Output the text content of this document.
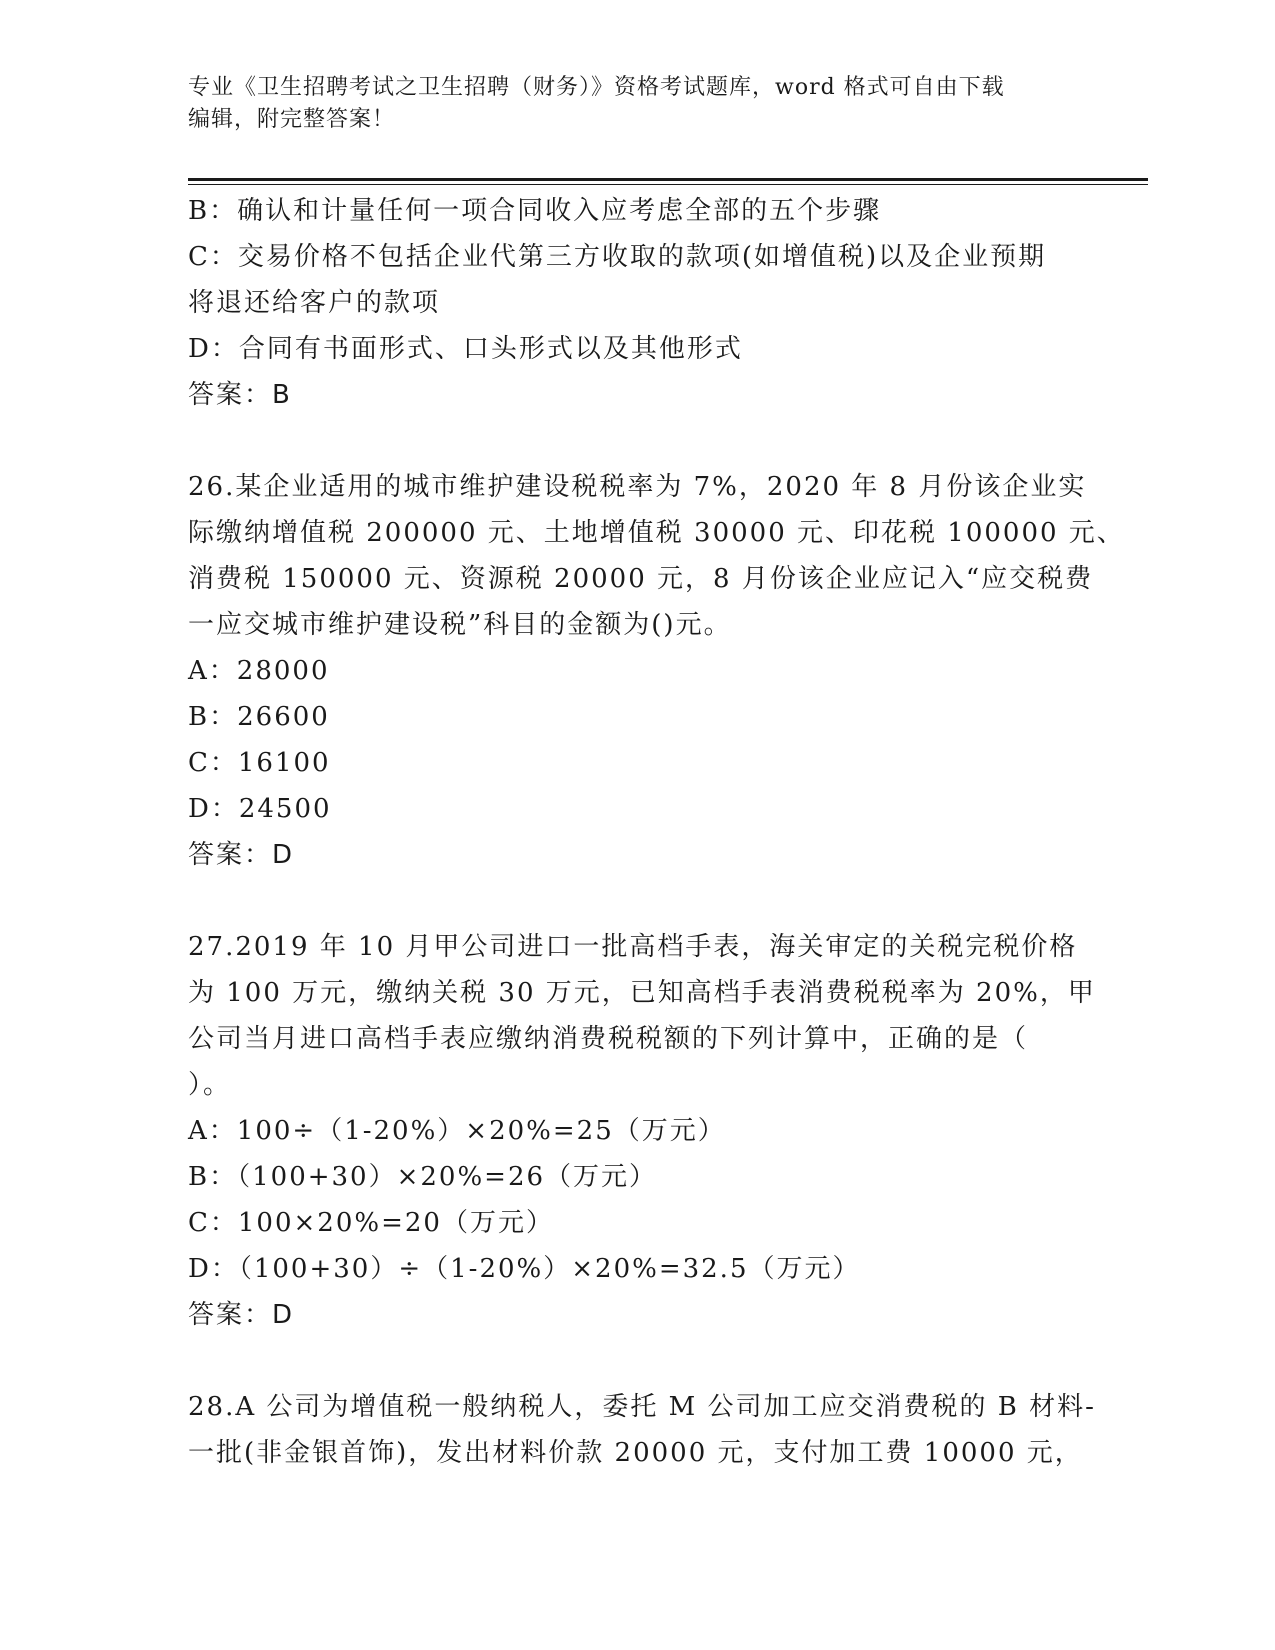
专业《卫生招聘考试之卫生招聘（财务）》资格考试题库，word 格式可自由下载
编辑，附完整答案！
B：确认和计量任何一项合同收入应考虑全部的五个步骤
C：交易价格不包括企业代第三方收取的款项(如增值税)以及企业预期
将退还给客户的款项
D：合同有书面形式、口头形式以及其他形式
答案：B
26.某企业适用的城市维护建设税税率为 7%，2020 年 8 月份该企业实
际缴纳增值税 200000 元、土地增值税 30000 元、印花税 100000 元、
消费税 150000 元、资源税 20000 元，8 月份该企业应记入“应交税费
一应交城市维护建设税”科目的金额为()元。
A：28000
B：26600
C：16100
D：24500
答案：D
27.2019 年 10 月甲公司进口一批高档手表，海关审定的关税完税价格
为 100 万元，缴纳关税 30 万元，已知高档手表消费税税率为 20%，甲
公司当月进口高档手表应缴纳消费税税额的下列计算中，正确的是（
）。
A：100÷（1-20%）×20%=25（万元）
B：（100+30）×20%=26（万元）
C：100×20%=20（万元）
D：（100+30）÷（1-20%）×20%=32.5（万元）
答案：D
28.A 公司为增值税一般纳税人，委托 M 公司加工应交消费税的 B 材料-
一批(非金银首饰)，发出材料价款 20000 元，支付加工费 10000 元，
